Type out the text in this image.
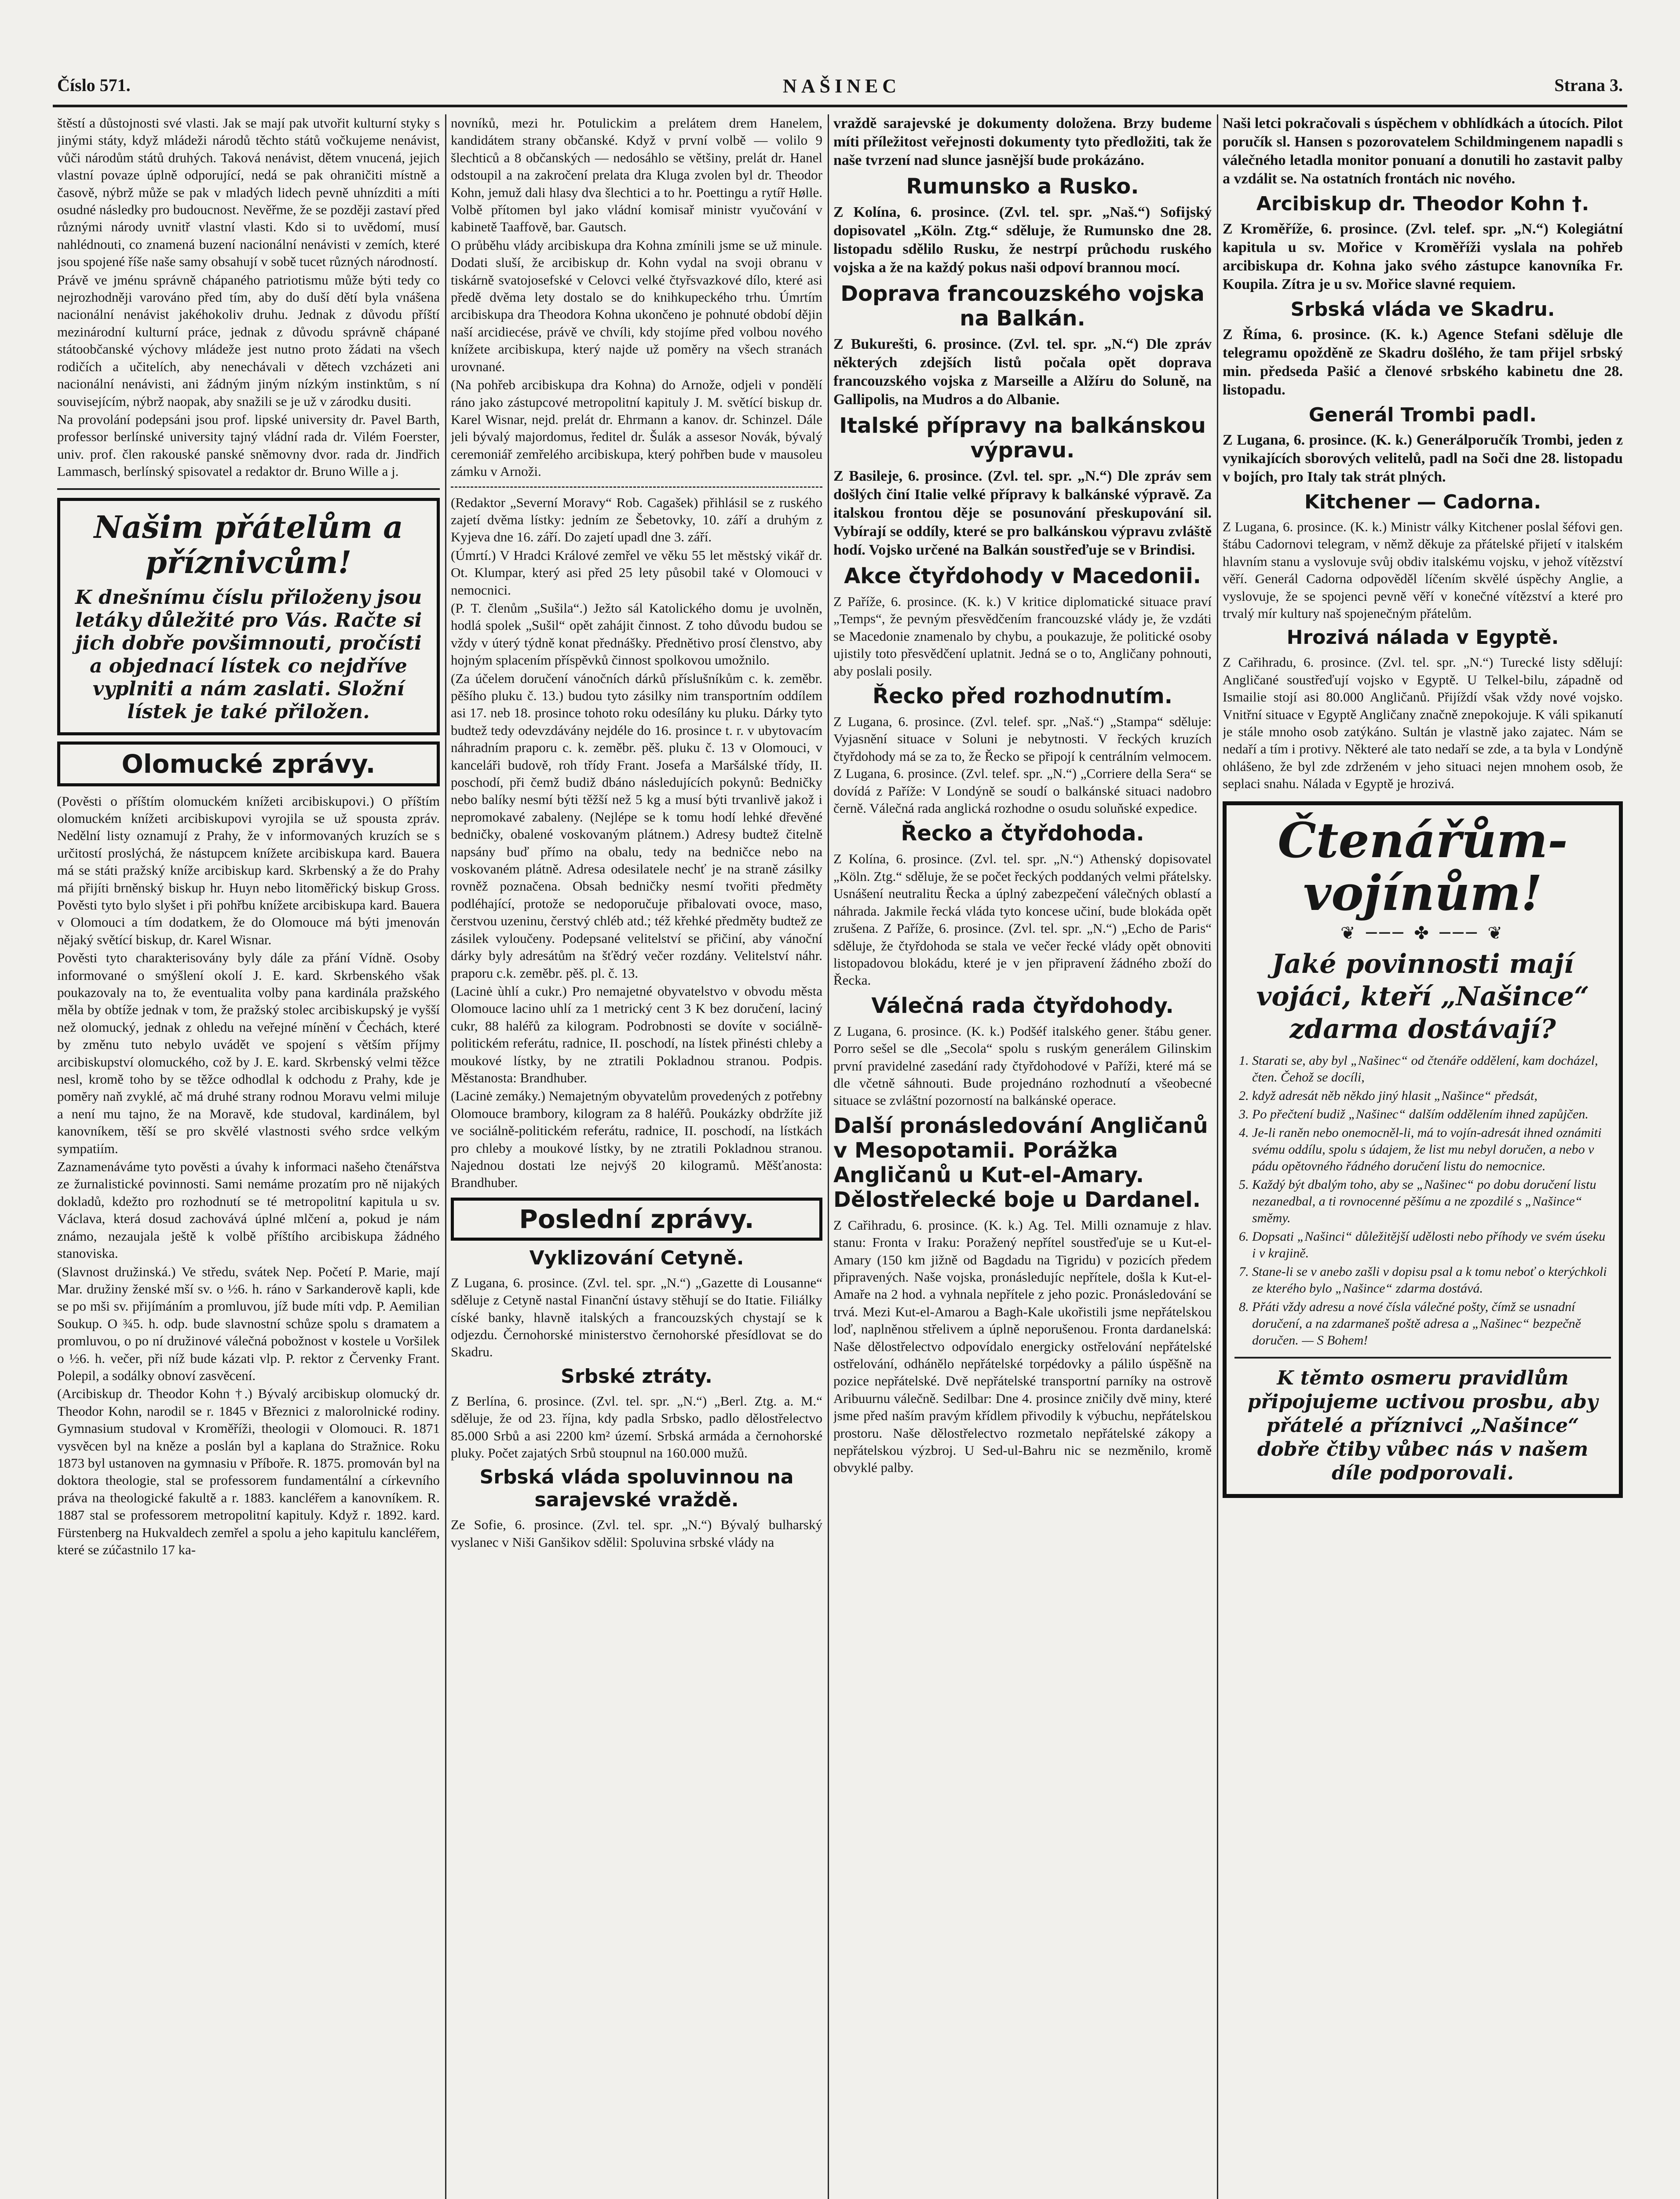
Číslo 571.	NAŠINEC	Strana 3.

štěstí a důstojnosti své vlasti. Jak se mají pak utvořit kulturní styky s jinými státy, když mládeži národů těchto států vočkujeme nenávist, vůči národům států druhých. Taková nenávist, dětem vnucená, jejich vlastní povaze úplně odporující, nedá se pak ohraničiti místně a časově, nýbrž může se pak v mladých lidech pevně uhnízditi a míti osudné následky pro budoucnost. Nevěřme, že se později zastaví před různými národy uvnitř vlastní vlasti. Kdo si to uvědomí, musí nahlédnouti, co znamená buzení nacionální nenávisti v zemích, které jsou spojené říše naše samy obsahují v sobě tucet různých národností.

Právě ve jménu správně chápaného patriotismu může býti tedy co nejrozhodněji varováno před tím, aby do duší dětí byla vnášena nacionální nenávist jakéhokoliv druhu. Jednak z důvodu příští mezinárodní kulturní práce, jednak z důvodu správně chápané státoobčanské výchovy mládeže jest nutno proto žádati na všech rodičích a učitelích, aby nenechávali v dětech vzcházeti ani nacionální nenávisti, ani žádným jiným nízkým instinktům, s ní souvisejícím, nýbrž naopak, aby snažili se je už v zárodku dusiti.

Na provolání podepsáni jsou prof. lipské university dr. Pavel Barth, professor berlínské university tajný vládní rada dr. Vilém Foerster, univ. prof. člen rakouské panské sněmovny dvor. rada dr. Jindřich Lammasch, berlínský spisovatel a redaktor dr. Bruno Wille a j.

Našim přátelům a příznivcům!
K dnešnímu číslu přiloženy jsou letáky důležité pro Vás. Račte si jich dobře povšimnouti, pročísti a objednací lístek co nejdříve vyplniti a nám zaslati. Složní lístek je také přiložen.
Olomucké zprávy.

(Pověsti o příštím olomuckém knížeti arcibiskupovi.) O příštím olomuckém knížeti arcibiskupovi vyrojila se už spousta zpráv. Nedělní listy oznamují z Prahy, že v informovaných kruzích se s určitostí proslýchá, že nástupcem knížete arcibiskupa kard. Bauera má se státi pražský kníže arcibiskup kard. Skrbenský a že do Prahy má přijíti brněnský biskup hr. Huyn nebo litoměřický biskup Gross. Pověsti tyto bylo slyšet i při pohřbu knížete arcibiskupa kard. Bauera v Olomouci a tím dodatkem, že do Olomouce má býti jmenován nějaký světící biskup, dr. Karel Wisnar.

Pověsti tyto charakterisovány byly dále za přání Vídně. Osoby informované o smýšlení okolí J. E. kard. Skrbenského však poukazovaly na to, že eventualita volby pana kardinála pražského měla by obtíže jednak v tom, že pražský stolec arcibiskupský je vyšší než olomucký, jednak z ohledu na veřejné mínění v Čechách, které by změnu tuto nebylo uvádět ve spojení s větším příjmy arcibiskupství olomuckého, což by J. E. kard. Skrbenský velmi těžce nesl, kromě toho by se těžce odhodlal k odchodu z Prahy, kde je pomĕry naň zvyklé, ač má druhé strany rodnou Moravu velmi miluje a není mu tajno, že na Moravě, kde studoval, kardinálem, byl kanovníkem, těší se pro skvělé vlastnosti svého srdce velkým sympatiím.

Zaznamenáváme tyto pověsti a úvahy k informaci našeho čtenářstva ze žurnalistické povinnosti. Sami nemáme prozatím pro ně nijakých dokladů, kdežto pro rozhodnutí se té metropolitní kapitula u sv. Václava, která dosud zachovává úplné mlčení a, pokud je nám známo, nezaujala ještě k volbě příštího arcibiskupa žádného stanoviska.

(Slavnost družinská.) Ve středu, svátek Nep. Početí P. Marie, mají Mar. družiny ženské mší sv. o ½6. h. ráno v Sarkanderově kapli, kde se po mši sv. přijímáním a promluvou, jíž bude míti vdp. P. Aemilian Soukup. O ¾5. h. odp. bude slavnostní schůze spolu s dramatem a promluvou, o po ní družinové válečná pobožnost v kostele u Voršilek o ½6. h. večer, při níž bude kázati vlp. P. rektor z Červenky Frant. Polepil, a sodálky obnoví zasvěcení.

(Arcibiskup dr. Theodor Kohn †.) Bývalý arcibiskup olomucký dr. Theodor Kohn, narodil se r. 1845 v Březnici z malorolnické rodiny. Gymnasium studoval v Kroměříži, theologii v Olomouci. R. 1871 vysvěcen byl na kněze a poslán byl a kaplana do Stražnice. Roku 1873 byl ustanoven na gymnasiu v Příboře. R. 1875. promován byl na doktora theologie, stal se professorem fundamentální a církevního práva na theologické fakultě a r. 1883. kancléřem a kanovníkem. R. 1887 stal se professorem metropolitní kapituly. Když r. 1892. kard. Fürstenberg na Hukvaldech zemřel a spolu a jeho kapitulu kancléřem, které se zúčastnilo 17 ka-

novníků, mezi hr. Potulickim a prelátem drem Hanelem, kandidátem strany občanské. Když v první volbě — volilo 9 šlechticů a 8 občanských — nedosáhlo se většiny, prelát dr. Hanel odstoupil a na zakročení prelata dra Kluga zvolen byl dr. Theodor Kohn, jemuž dali hlasy dva šlechtici a to hr. Poettingu a rytíř Hølle. Volbě přítomen byl jako vládní komisař ministr vyučování v kabinetě Taaffově, bar. Gautsch.

O průběhu vlády arcibiskupa dra Kohna zmínili jsme se už minule. Dodati sluší, že arcibiskup dr. Kohn vydal na svoji obranu v tiskárně svatojosefské v Celovci velké čtyřsvazkové dílo, které asi předě dvěma lety dostalo se do knihkupeckého trhu. Úmrtím arcibiskupa dra Theodora Kohna ukončeno je pohnuté období dějin naší arcidiecése, právě ve chvíli, kdy stojíme před volbou nového knížete arcibiskupa, který najde už poměry na všech stranách urovnané.

(Na pohřeb arcibiskupa dra Kohna) do Arnože, odjeli v pondělí ráno jako zástupcové metropolitní kapituly J. M. světící biskup dr. Karel Wisnar, nejd. prelát dr. Ehrmann a kanov. dr. Schinzel. Dále jeli bývalý majordomus, ředitel dr. Šulák a assesor Novák, bývalý ceremoniář zemřelého arcibiskupa, který pohřben bude v mausoleu zámku v Arnoži.

(Redaktor „Severní Moravy“ Rob. Cagašek) přihlásil se z ruského zajetí dvěma lístky: jedním ze Šebetovky, 10. září a druhým z Kyjeva dne 16. září. Do zajetí upadl dne 3. září.

(Úmrtí.) V Hradci Králové zemřel ve věku 55 let městský vikář dr. Ot. Klumpar, který asi před 25 lety působil také v Olomouci v nemocnici.

(P. T. členům „Sušila“.) Ježto sál Katolického domu je uvolněn, hodlá spolek „Sušil“ opět zahájit činnost. Z toho důvodu budou se vždy v úterý týdně konat přednášky. Přednětivo prosí členstvo, aby hojným splacením příspěvků činnost spolkovou umožnilo.

(Za účelem doručení vánočních dárků příslušníkům c. k. zeměbr. pěšího pluku č. 13.) budou tyto zásilky nim transportním oddílem asi 17. neb 18. prosince tohoto roku odesílány ku pluku. Dárky tyto budtež tedy odevzdávány nejdéle do 16. prosince t. r. v ubytovacím náhradním praporu c. k. zeměbr. pěš. pluku č. 13 v Olomouci, v kanceláři budově, roh třídy Frant. Josefa a Maršálské třídy, II. poschodí, při čemž budiž dbáno následujících pokynů: Bedničky nebo balíky nesmí býti těžší než 5 kg a musí býti trvanlivě jakož i nepromokavé zabaleny. (Nejlépe se k tomu hodí lehké dřevěné bedničky, obalené voskovaným plátnem.) Adresy budtež čitelně napsány buď přímo na obalu, tedy na bedničce nebo na voskovaném plátně. Adresa odesilatele nechť je na straně zásilky rovněž poznačena. Obsah bedničky nesmí tvořiti předměty podléhající, protože se nedoporučuje přibalovati ovoce, maso, čerstvou uzeninu, čerstvý chléb atd.; též křehké předměty budtež ze zásilek vyloučeny. Podepsané velitelství se přičiní, aby vánoční dárky byly adresátům na šťědrý večer rozdány. Velitelství náhr. praporu c.k. zeměbr. pěš. pl. č. 13.

(Lacinė ùhlí a cukr.) Pro nemajetné obyvatelstvo v obvodu města Olomouce lacino uhlí za 1 metrický cent 3 K bez doručení, laciný cukr, 88 haléřů za kilogram. Podrobnosti se dovíte v sociálně-politickém referátu, radnice, II. poschodí, na lístek přinésti chleby a moukové lístky, by ne ztratili Pokladnou stranou. Podpis. Městanosta: Brandhuber.

(Lacinė zemáky.) Nemajetným obyvatelům provedených z potřebny Olomouce brambory, kilogram za 8 haléřů. Poukázky obdržíte již ve sociálně-politickém referátu, radnice, II. poschodí, na lístkách pro chleby a moukové lístky, by ne ztratili Pokladnou stranou. Najednou dostati lze nejvýš 20 kilogramů. Měšťanosta: Brandhuber.

Poslední zprávy.
Vyklizování Cetyně.

Z Lugana, 6. prosince. (Zvl. tel. spr. „N.“) „Gazette di Lousanne“ sděluje z Cetyně nastal Finanční ústavy stěhují se do Itatie. Filiálky císké banky, hlavně italských a francouzských chystají se k odjezdu. Černohorské ministerstvo černohorské přesídlovat se do Skadru.

Srbské ztráty.

Z Berlína, 6. prosince. (Zvl. tel. spr. „N.“) „Berl. Ztg. a. M.“ sděluje, že od 23. října, kdy padla Srbsko, padlo dělostřelectvo 85.000 Srbů a asi 2200 km² území. Srbská armáda a černohorské pluky. Počet zajatých Srbů stoupnul na 160.000 mužů.

Srbská vláda spoluvinnou na sarajevské vraždě.

Ze Sofie, 6. prosince. (Zvl. tel. spr. „N.“) Bývalý bulharský vyslanec v Niši Ganšikov sdělil: Spoluvina srbské vlády na

vraždě sarajevské je dokumenty doložena. Brzy budeme míti příležitost veřejnosti dokumenty tyto předložiti, tak že naše tvrzení nad slunce jasnější bude prokázáno.

Rumunsko a Rusko.

Z Kolína, 6. prosince. (Zvl. tel. spr. „Naš.“) Sofijský dopisovatel „Köln. Ztg.“ sděluje, že Rumunsko dne 28. listopadu sdělilo Rusku, že nestrpí průchodu ruského vojska a že na každý pokus naši odpoví brannou mocí.

Doprava francouzského vojska na Balkán.

Z Bukurešti, 6. prosince. (Zvl. tel. spr. „N.“) Dle zpráv některých zdejších listů počala opět doprava francouzského vojska z Marseille a Alžíru do Soluně, na Gallipolis, na Mudros a do Albanie.

Italské přípravy na balkánskou výpravu.

Z Basileje, 6. prosince. (Zvl. tel. spr. „N.“) Dle zpráv sem došlých činí Italie velké přípravy k balkánské výpravě. Za italskou frontou děje se posunování přeskupování sil. Vybírají se oddíly, které se pro balkánskou výpravu zvláště hodí. Vojsko určené na Balkán soustřeďuje se v Brindisi.

Akce čtyřdohody v Macedonii.

Z Paříže, 6. prosince. (K. k.) V kritice diplomatické situace praví „Temps“, že pevným přesvědčením francouzské vlády je, že vzdáti se Macedonie znamenalo by chybu, a poukazuje, že politické osoby ujistily toto přesvědčení uplatnit. Jedná se o to, Angličany pohnouti, aby poslali posily.

Řecko před rozhodnutím.

Z Lugana, 6. prosince. (Zvl. telef. spr. „Naš.“) „Stampa“ sděluje: Vyjasnění situace v Soluni je nebytnosti. V řeckých kruzích čtyřdohody má se za to, že Řecko se připojí k centrálním velmocem. Z Lugana, 6. prosince. (Zvl. telef. spr. „N.“) „Corriere della Sera“ se dovídá z Paříže: V Londýně se soudí o balkánské situaci nadobro černě. Válečná rada anglická rozhodne o osudu soluňské expedice.

Řecko a čtyřdohoda.

Z Kolína, 6. prosince. (Zvl. tel. spr. „N.“) Athenský dopisovatel „Köln. Ztg.“ sděluje, že se počet řeckých poddaných velmi přátelsky. Usnášení neutralitu Řecka a úplný zabezpečení válečných oblastí a náhrada. Jakmile řecká vláda tyto koncese učiní, bude blokáda opět zrušena. Z Paříže, 6. prosince. (Zvl. tel. spr. „N.“) „Echo de Paris“ sděluje, že čtyřdohoda se stala ve večer řecké vlády opět obnoviti listopadovou blokádu, které je v jen připravení žádného zboží do Řecka.

Válečná rada čtyřdohody.

Z Lugana, 6. prosince. (K. k.) Podšéf italského gener. štábu gener. Porro sešel se dle „Secola“ spolu s ruským generálem Gilinskim první pravidelné zasedání rady čtyřdohodové v Paříži, které má se dle včetně sáhnouti. Bude projednáno rozhodnutí a všeobecné situace se zvláštní pozorností na balkánské operace.

Další pronásledování Angličanů v Mesopotamii. Porážka Angličanů u Kut-el-Amary. Dělostřelecké boje u Dardanel.

Z Cařihradu, 6. prosince. (K. k.) Ag. Tel. Milli oznamuje z hlav. stanu: Fronta v Iraku: Poražený nepřítel soustřeďuje se u Kut-el-Amary (150 km jižně od Bagdadu na Tigridu) v pozicích předem připravených. Naše vojska, pronásledujíc nepřítele, došla k Kut-el-Amaře na 2 hod. a vyhnala nepřítele z jeho pozic. Pronásledování se trvá. Mezi Kut-el-Amarou a Bagh-Kale ukořistili jsme nepřátelskou loď, naplněnou střelivem a úplně neporušenou. Fronta dardanelská: Naše dělostřelectvo odpovídalo energicky ostřelování nepřátelské ostřelování, odhánělo nepřátelské torpédovky a pálilo úspěšně na pozice nepřátelské. Dvě nepřátelské transportní parníky na ostrově Aribuurnu válečně. Sedilbar: Dne 4. prosince zničily dvě miny, které jsme před naším pravým křídlem přivodily k výbuchu, nepřátelskou prostoru. Naše dělostřelectvo rozmetalo nepřátelské zákopy a nepřátelskou výzbroj. U Sed-ul-Bahru nic se nezměnilo, kromě obvyklé palby.

Naši letci pokračovali s úspěchem v obhlídkách a útocích. Pilot poručík sl. Hansen s pozorovatelem Schildmingenem napadli s válečného letadla monitor ponuaní a donutili ho zastavit palby a vzdálit se. Na ostatních frontách nic nového.

Arcibiskup dr. Theodor Kohn †.

Z Kroměříže, 6. prosince. (Zvl. telef. spr. „N.“) Kolegiátní kapitula u sv. Mořice v Kroměříži vyslala na pohřeb arcibiskupa dr. Kohna jako svého zástupce kanovníka Fr. Koupila. Zítra je u sv. Mořice slavné requiem.

Srbská vláda ve Skadru.

Z Říma, 6. prosince. (K. k.) Agence Stefani sděluje dle telegramu opožděně ze Skadru došlého, že tam přijel srbský min. předseda Pašić a členové srbského kabinetu dne 28. listopadu.

Generál Trombi padl.

Z Lugana, 6. prosince. (K. k.) Generálporučík Trombi, jeden z vynikajících sborových velitelů, padl na Soči dne 28. listopadu v bojích, pro Italy tak strát plných.

Kitchener — Cadorna.

Z Lugana, 6. prosince. (K. k.) Ministr války Kitchener poslal šéfovi gen. štábu Cadornovi telegram, v němž děkuje za přátelské přijetí v italském hlavním stanu a vyslovuje svůj obdiv italskému vojsku, v jehož vítězství věří. Generál Cadorna odpověděl líčením skvělé úspěchy Anglie, a vyslovuje, že se spojenci pevně věří v konečné vítězství a které pro trvalý mír kultury naš spojenečným přátelům.

Hrozivá nálada v Egyptě.

Z Cařihradu, 6. prosince. (Zvl. tel. spr. „N.“) Turecké listy sdělují: Angličané soustřeďují vojsko v Egyptě. U Telkel-bilu, západně od Ismailie stojí asi 80.000 Angličanů. Přijíždí však vždy nové vojsko. Vnitřní situace v Egyptě Angličany značně znepokojuje. K váli spikanutí je stále mnoho osob zatýkáno. Sultán je vlastně jako zajatec. Nám se nedaří a tím i protivy. Některé ale tato nedaří se zde, a ta byla v Londýně ohlášeno, že byl zde zdrženém v jeho situaci nejen mnohem osob, že seplaci snahu. Nálada v Egyptě je hrozivá.

Čtenářům-
vojínům!
❦ ─── ✤ ─── ❦
Jaké povinnosti mají vojáci, kteří „Našince“ zdarma dostávají?
1. Starati se, aby byl „Našinec“ od čtenáře oddělení, kam docházel, čten. Čehož se docíli,
2. když adresát něb někdo jiný hlasit „Našince“ předsát,
3. Po přečtení budiž „Našinec“ dalším oddělením ihned zapůjčen.
4. Je-li raněn nebo onemocněl-li, má to vojín-adresát ihned oznámiti svému oddílu, spolu s údajem, že list mu nebyl doručen, a nebo v pádu opětovného řádného doručení listu do nemocnice.
5. Každý být dbalým toho, aby se „Našinec“ po dobu doručení listu nezanedbal, a ti rovnocenné pěšímu a ne zpozdilé s „Našince“ směmy.
6. Dopsati „Našinci“ důležitější udělosti nebo příhody ve svém úseku i v krajině.
7. Stane-li se v anebo zašli v dopisu psal a k tomu neboť o kterýchkoli ze kterého bylo „Našince“ zdarma dostává.
8. Přáti vždy adresu a nové čísla válečné pošty, čímž se usnadní doručení, a na zdarmaneš poště adresa a „Našinec“ bezpečně doručen. — S Bohem!
K těmto osmeru pravidlům připojujeme uctivou prosbu, aby přátelé a příznivci „Našince“ dobře čtiby vůbec nás v našem díle podporovali.
